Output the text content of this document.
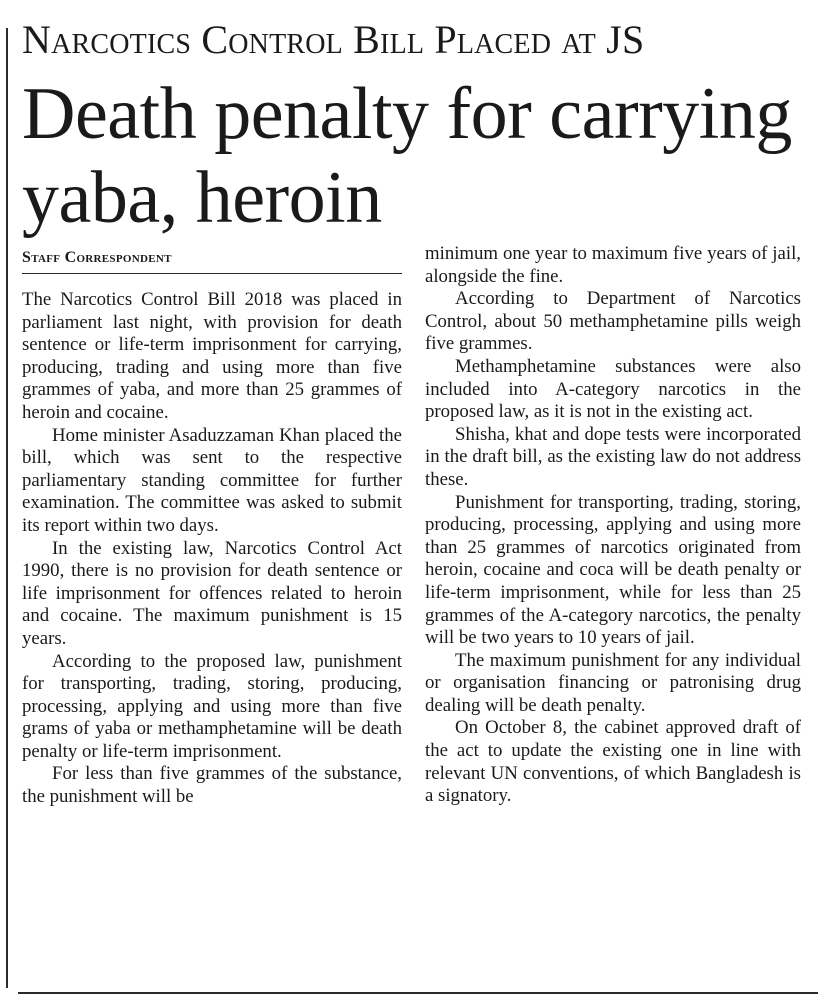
Narcotics Control Bill Placed at JS
Death penalty for carrying yaba, heroin
Staff Correspondent

The Narcotics Control Bill 2018 was placed in parliament last night, with provision for death sentence or life-term imprisonment for carrying, producing, trading and using more than five grammes of yaba, and more than 25 grammes of heroin and cocaine.

Home minister Asaduzzaman Khan placed the bill, which was sent to the respective parliamentary standing committee for further examination. The committee was asked to submit its report within two days.

In the existing law, Narcotics Control Act 1990, there is no provision for death sentence or life imprisonment for offences related to heroin and cocaine. The maximum punishment is 15 years.

According to the proposed law, punishment for transporting, trading, storing, producing, processing, applying and using more than five grams of yaba or methamphetamine will be death penalty or life-term imprisonment.

For less than five grammes of the substance, the punishment will be

minimum one year to maximum five years of jail, alongside the fine.

According to Department of Narcotics Control, about 50 methamphetamine pills weigh five grammes.

Methamphetamine substances were also included into A-category narcotics in the proposed law, as it is not in the existing act.

Shisha, khat and dope tests were incorporated in the draft bill, as the existing law do not address these.

Punishment for transporting, trading, storing, producing, processing, applying and using more than 25 grammes of narcotics originated from heroin, cocaine and coca will be death penalty or life-term imprisonment, while for less than 25 grammes of the A-category narcotics, the penalty will be two years to 10 years of jail.

The maximum punishment for any individual or organisation financing or patronising drug dealing will be death penalty.

On October 8, the cabinet approved draft of the act to update the existing one in line with relevant UN conventions, of which Bangladesh is a signatory.
